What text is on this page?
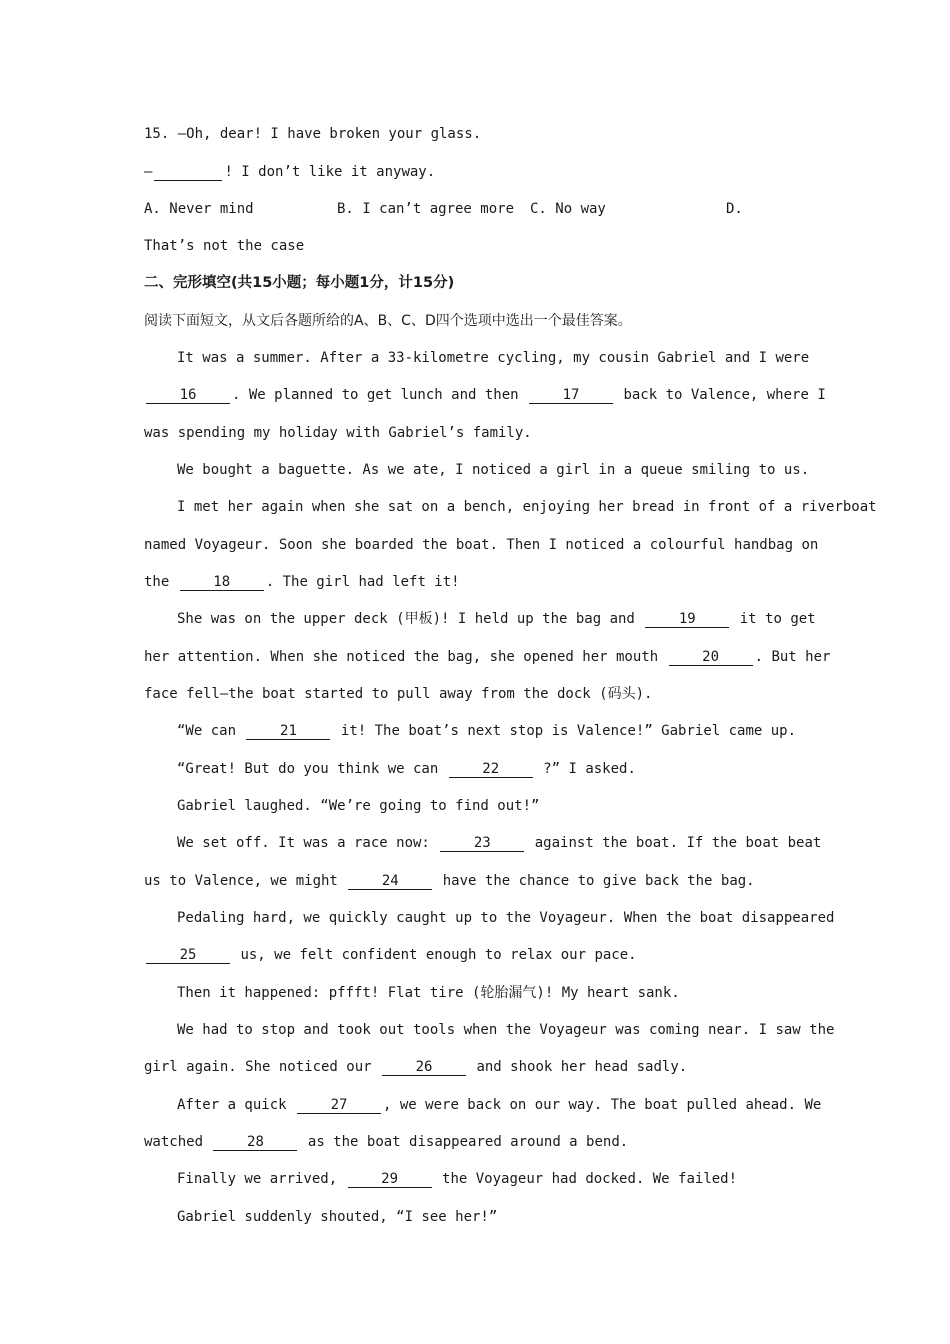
15. —Oh, dear! I have broken your glass.
—	! I don’t like it anyway.
A. Never mind	B. I can’t agree more C. No way	D.
That’s not the case
二、完形填空(共15小题；每小题1分，计15分)
阅读下面短文，从文后各题所给的A、B、C、D四个选项中选出一个最佳答案。
It was a summer. After a 33-kilometre cycling, my cousin Gabriel and I were
16	. We planned to get lunch and then	17	back to Valence, where I
was spending my holiday with Gabriel’s family.
We bought a baguette. As we ate, I noticed a girl in a queue smiling to us.
I met her again when she sat on a bench, enjoying her bread in front of a riverboat
named Voyageur. Soon she boarded the boat. Then I noticed a colourful handbag on
the	18	. The girl had left it!
She was on the upper deck (甲板)! I held up the bag and	19	it to get
her attention. When she noticed the bag, she opened her mouth	20	. But her
face fell—the boat started to pull away from the dock (码头).
“We can	21	it! The boat’s next stop is Valence!” Gabriel came up.
“Great! But do you think we can	22	?” I asked.
Gabriel laughed. “We’re going to find out!”
We set off. It was a race now:	23	against the boat. If the boat beat
us to Valence, we might	24	have the chance to give back the bag.
Pedaling hard, we quickly caught up to the Voyageur. When the boat disappeared
25	us, we felt confident enough to relax our pace.
Then it happened: pffft! Flat tire (轮胎漏气)! My heart sank.
We had to stop and took out tools when the Voyageur was coming near. I saw the
girl again. She noticed our	26	and shook her head sadly.
After a quick	27	, we were back on our way. The boat pulled ahead. We
watched	28	as the boat disappeared around a bend.
Finally we arrived,	29	the Voyageur had docked. We failed!
Gabriel suddenly shouted, “I see her!”
